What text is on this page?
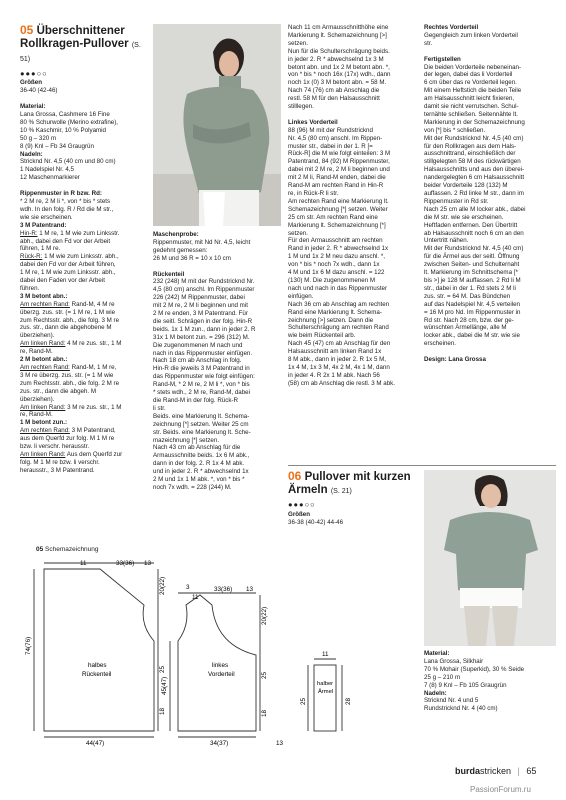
05 Überschnittener
Rollkragen-Pullover (S. 51)
●●●○○

Größen

36-40 (42-46)

Material:

Lana Grossa, Cashmere 16 Fine

80 % Schurwolle (Merino extrafine),

10 % Kaschmir, 10 % Polyamid

50 g – 320 m

8 (9) Knl – Fb 34 Graugrün

Nadeln:

Stricknd Nr. 4,5 (40 cm und 80 cm)

1 Nadelspiel Nr. 4,5

12 Maschenmarkierer

Rippenmuster in R bzw. Rd:

* 2 M re, 2 M li *, von * bis * stets

wdh. In den folg. R / Rd die M str.,

wie sie erscheinen.

3 M Patentrand:

Hin-R: 1 M re, 1 M wie zum Linksstr.

abh., dabei den Fd vor der Arbeit

führen, 1 M re.

Rück-R: 1 M wie zum Linksstr. abh.,

dabei den Fd vor der Arbeit führen,

1 M re, 1 M wie zum Linksstr. abh.,

dabei den Faden vor der Arbeit

führen.

3 M betont abn.:

Am rechten Rand: Rand-M, 4 M re

überzg. zus. str. (= 1 M re, 1 M wie

zum Rechtsstr. abh., die folg. 3 M re

zus. str., dann die abgehobene M

überziehen).

Am linken Rand: 4 M re zus. str., 1 M

re, Rand-M.

2 M betont abn.:

Am rechten Rand: Rand-M, 1 M re,

3 M re überzg. zus. str. (= 1 M wie

zum Rechtsstr. abh., die folg. 2 M re

zus. str., dann die abgeh. M

überziehen).

Am linken Rand: 3 M re zus. str., 1 M

re, Rand-M.

1 M betont zun.:

Am rechten Rand: 3 M Patentrand,

aus dem Querfd zur folg. M 1 M re

bzw. li verschr. herausstr.

Am linken Rand: Aus dem Querfd zur

folg. M 1 M re bzw. li verschr.

herausstr., 3 M Patentrand.

Maschenprobe:

Rippenmuster, mit Nd Nr. 4,5, leicht

gedehnt gemessen:

26 M und 36 R = 10 x 10 cm

Rückenteil

232 (248) M mit der Rundstricknd Nr.

4,5 (80 cm) anschl. Im Rippenmuster

226 (242) M Rippenmuster, dabei

mit 2 M re, 2 M li beginnen und mit

2 M re enden, 3 M Patentrand. Für

die seitl. Schrägen in der folg. Hin-R

beids. 1x 1 M zun., dann in jeder 2. R

31x 1 M betont zun. = 296 (312) M.

Die zugenommenen M nach und

nach in das Rippenmuster einfügen.

Nach 18 cm ab Anschlag in folg.

Hin-R die jeweils 3 M Patentrand in

das Rippenmuster wie folgt einfügen:

Rand-M, * 2 M re, 2 M li *, von * bis

* stets wdh., 2 M re, Rand-M, dabei

die Rand-M in der folg. Rück-R

li str.

Beids. eine Markierung lt. Schema-

zeichnung [*] setzen. Weiter 25 cm

str. Beids. eine Markierung lt. Sche-

mazeichnung [*] setzen.

Nach 43 cm ab Anschlag für die

Armausschnitte beids. 1x 6 M abk.,

dann in der folg. 2. R 1x 4 M abk.

und in jeder 2. R * abwechselnd 1x

2 M und 1x 1 M abk. *, von * bis *

noch 7x wdh. = 228 (244) M.

Nach 11 cm Armausschnitthöhe eine

Markierung lt. Schemazeichnung [>]

setzen.

Nun für die Schulterschrägung beids.

in jeder 2. R * abwechselnd 1x 3 M

betont abn. und 1x 2 M betont abn. *,

von * bis * noch 16x (17x) wdh., dann

noch 1x (0) 3 M betont abn. = 58 M.

Nach 74 (76) cm ab Anschlag die

restl. 58 M für den Halsausschnitt

stilllegen.

Linkes Vorderteil

88 (96) M mit der Rundstricknd

Nr. 4,5 (80 cm) anschl. Im Rippen-

muster str., dabei in der 1. R [=

Rück-R] die M wie folgt einteilen: 3 M

Patentrand, 84 (92) M Rippenmuster,

dabei mit 2 M re, 2 M li beginnen und

mit 2 M li, Rand-M enden, dabei die

Rand-M am rechten Rand in Hin-R

re, in Rück-R li str.

Am rechten Rand eine Markierung lt.

Schemazeichnung [*] setzen. Weiter

25 cm str. Am rechten Rand eine

Markierung lt. Schemazeichnung [*]

setzen.

Für den Armausschnitt am rechten

Rand in jeder 2. R * abwechselnd 1x

1 M und 1x 2 M neu dazu anschl. *,

von * bis * noch 7x wdh., dann 1x

4 M und 1x 6 M dazu anschl. = 122

(130) M. Die zugenommenen M

nach und nach in das Rippenmuster

einfügen.

Nach 36 cm ab Anschlag am rechten

Rand eine Markierung lt. Schema-

zeichnung [>] setzen. Dann die

Schulterschrägung am rechten Rand

wie beim Rückenteil arb.

Nach 45 (47) cm ab Anschlag für den

Halsausschnitt am linken Rand 1x

8 M abk., dann in jeder 2. R 1x 5 M,

1x 4 M, 1x 3 M, 4x 2 M, 4x 1 M, dann

in jeder 4. R 2x 1 M abk. Nach 56

(58) cm ab Anschlag die restl. 3 M abk.

Rechtes Vorderteil

Gegengleich zum linken Vorderteil

str.

Fertigstellen

Die beiden Vorderteile nebeneinan-

der legen, dabei das li Vorderteil

6 cm über das re Vorderteil legen.

Mit einem Heftstich die beiden Teile

am Halsausschnitt leicht fixieren,

damit sie nicht verrutschen. Schul-

ternähte schließen. Seitennähte lt.

Markierung in der Schemazeichnung

von [*] bis * schließen.

Mit der Rundstricknd Nr. 4,5 (40 cm)

für den Rollkragen aus dem Hals-

ausschnittrand, einschließlich der

stillgelegten 58 M des rückwärtigen

Halsausschnitts und aus den überei-

nandergelegten 6 cm Halsausschnitt

beider Vorderteile 128 (132) M

auffassen. 2 Rd linke M str., dann im

Rippenmuster in Rd str.

Nach 25 cm alle M locker abk., dabei

die M str. wie sie erscheinen.

Heftfaden entfernen. Den Übertritt

ab Halsausschnitt noch 6 cm an den

Untertritt nähen.

Mit der Rundstricknd Nr. 4,5 (40 cm)

für die Ärmel aus der seitl. Öffnung

zwischen Seiten- und Schulternaht

lt. Markierung im Schnittschema [*

bis >] je 128 M auffassen. 2 Rd li M

str., dabei in der 1. Rd stets 2 M li

zus. str. = 64 M. Das Bündchen

auf das Nadelspiel Nr. 4,5 verteilen

= 16 M pro Nd. Im Rippenmuster in

Rd str. Nach 28 cm, bzw. der ge-

wünschten Ärmellänge, alle M

locker abk., dabei die M str. wie sie

erscheinen.

Design: Lana Grossa

06 Pullover mit kurzen
Ärmeln (S. 21)
●●●○○

Größen

36-38 (40-42) 44-46

Material:

Lana Grossa, Silkhair

70 % Mohair (Superkid), 30 % Seide

25 g – 210 m

7 (8) 9 Knl – Fb 105 Graugrün

Nadeln:

Stricknd Nr. 4 und 5

Rundstricknd Nr. 4 (40 cm)

05 Schemazeichnung
11	33(36) 13
20(22)
25
18
74(76)
halbes
Rückenteil
44(47)
3
11
33(36) 13
20(22)
25
18
45(47)
linkes
Vorderteil
34(37)	13
11
halber
Ärmel
25	28
burdastricken | 65
PassionForum.ru
